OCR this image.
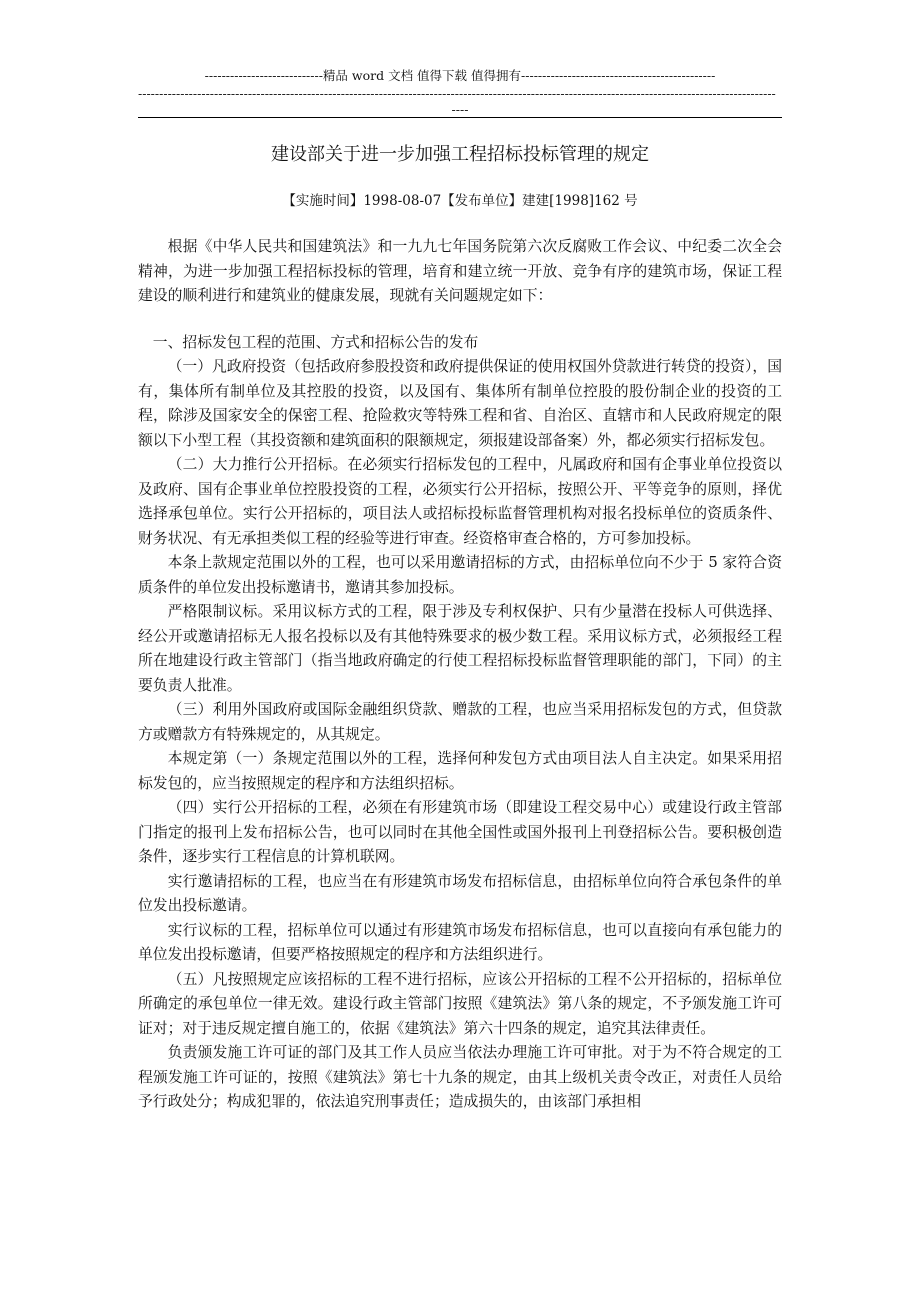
----------------------------精品 word 文档 值得下载 值得拥有----------------------------------------------
-------------------------------------------------------------------------------------------------------------------------------------------------------
----
建设部关于进一步加强工程招标投标管理的规定
【实施时间】1998-08-07【发布单位】建建[1998]162 号

根据《中华人民共和国建筑法》和一九九七年国务院第六次反腐败工作会议、中纪委二次全会精神，为进一步加强工程招标投标的管理，培育和建立统一开放、竞争有序的建筑市场，保证工程建设的顺利进行和建筑业的健康发展，现就有关问题规定如下：

一、招标发包工程的范围、方式和招标公告的发布

（一）凡政府投资（包括政府参股投资和政府提供保证的使用权国外贷款进行转贷的投资），国有，集体所有制单位及其控股的投资，以及国有、集体所有制单位控股的股份制企业的投资的工程，除涉及国家安全的保密工程、抢险救灾等特殊工程和省、自治区、直辖市和人民政府规定的限额以下小型工程（其投资额和建筑面积的限额规定，须报建设部备案）外，都必须实行招标发包。

（二）大力推行公开招标。在必须实行招标发包的工程中，凡属政府和国有企事业单位投资以及政府、国有企事业单位控股投资的工程，必须实行公开招标，按照公开、平等竞争的原则，择优选择承包单位。实行公开招标的，项目法人或招标投标监督管理机构对报名投标单位的资质条件、财务状况、有无承担类似工程的经验等进行审查。经资格审查合格的，方可参加投标。

本条上款规定范围以外的工程，也可以采用邀请招标的方式，由招标单位向不少于 5 家符合资质条件的单位发出投标邀请书，邀请其参加投标。

严格限制议标。采用议标方式的工程，限于涉及专利权保护、只有少量潜在投标人可供选择、经公开或邀请招标无人报名投标以及有其他特殊要求的极少数工程。采用议标方式，必须报经工程所在地建设行政主管部门（指当地政府确定的行使工程招标投标监督管理职能的部门，下同）的主要负责人批准。

（三）利用外国政府或国际金融组织贷款、赠款的工程，也应当采用招标发包的方式，但贷款方或赠款方有特殊规定的，从其规定。

本规定第（一）条规定范围以外的工程，选择何种发包方式由项目法人自主决定。如果采用招标发包的，应当按照规定的程序和方法组织招标。

（四）实行公开招标的工程，必须在有形建筑市场（即建设工程交易中心）或建设行政主管部门指定的报刊上发布招标公告，也可以同时在其他全国性或国外报刊上刊登招标公告。要积极创造条件，逐步实行工程信息的计算机联网。

实行邀请招标的工程，也应当在有形建筑市场发布招标信息，由招标单位向符合承包条件的单位发出投标邀请。

实行议标的工程，招标单位可以通过有形建筑市场发布招标信息，也可以直接向有承包能力的单位发出投标邀请，但要严格按照规定的程序和方法组织进行。

（五）凡按照规定应该招标的工程不进行招标，应该公开招标的工程不公开招标的，招标单位所确定的承包单位一律无效。建设行政主管部门按照《建筑法》第八条的规定，不予颁发施工许可证对；对于违反规定擅自施工的，依据《建筑法》第六十四条的规定，追究其法律责任。

负责颁发施工许可证的部门及其工作人员应当依法办理施工许可审批。对于为不符合规定的工程颁发施工许可证的，按照《建筑法》第七十九条的规定，由其上级机关责令改正，对责任人员给予行政处分；构成犯罪的，依法追究刑事责任；造成损失的，由该部门承担相
